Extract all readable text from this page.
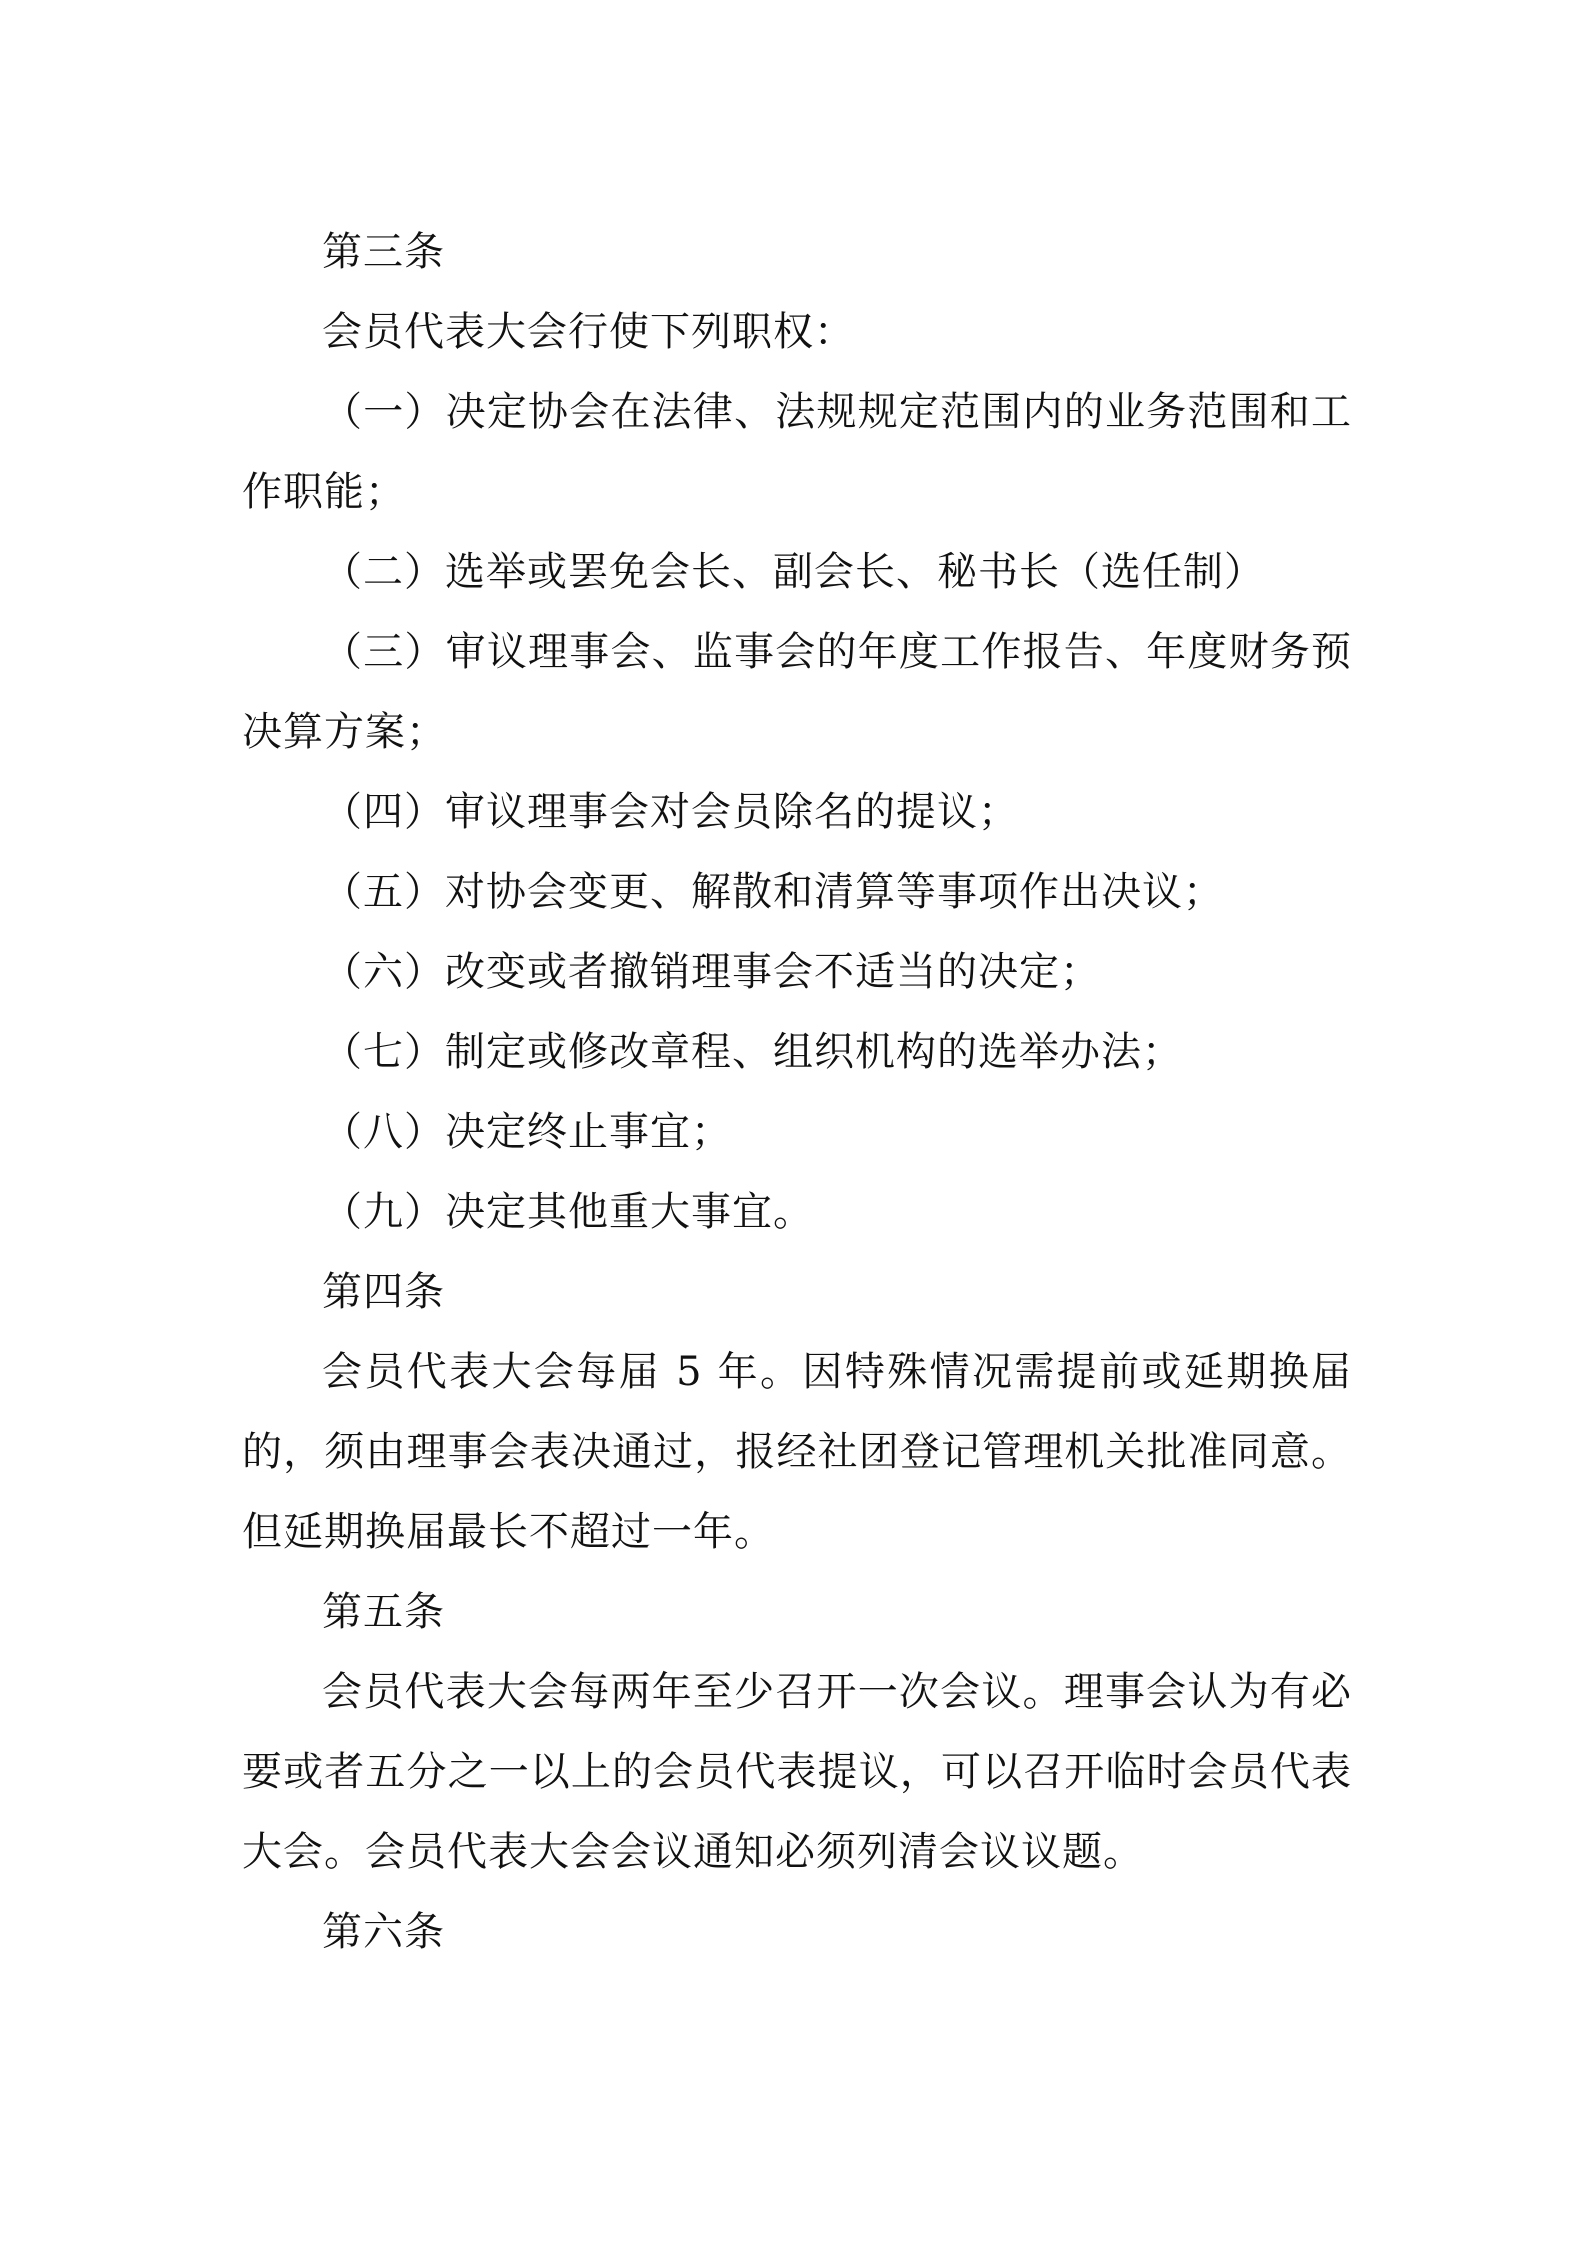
第三条

会员代表大会行使下列职权：

（一）决定协会在法律、法规规定范围内的业务范围和工作职能；

（二）选举或罢免会长、副会长、秘书长（选任制）

（三）审议理事会、监事会的年度工作报告、年度财务预决算方案；

（四）审议理事会对会员除名的提议；

（五）对协会变更、解散和清算等事项作出决议；

（六）改变或者撤销理事会不适当的决定；

（七）制定或修改章程、组织机构的选举办法；

（八）决定终止事宜；

（九）决定其他重大事宜。

第四条

会员代表大会每届 5 年。因特殊情况需提前或延期换届的，须由理事会表决通过，报经社团登记管理机关批准同意。但延期换届最长不超过一年。

第五条

会员代表大会每两年至少召开一次会议。理事会认为有必要或者五分之一以上的会员代表提议，可以召开临时会员代表大会。会员代表大会会议通知必须列清会议议题。

第六条
